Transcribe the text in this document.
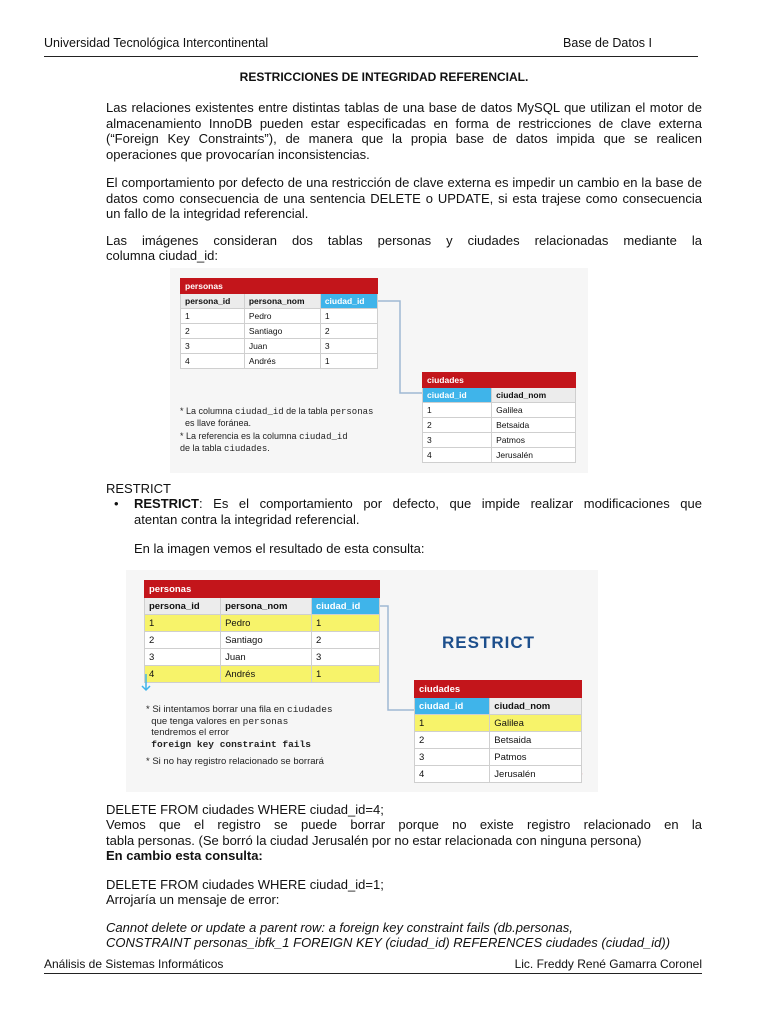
Universidad Tecnológica Intercontinental	Base de Datos I
RESTRICCIONES DE INTEGRIDAD REFERENCIAL.
Las relaciones existentes entre distintas tablas de una base de datos MySQL que utilizan el motor de almacenamiento InnoDB pueden estar especificadas en forma de restricciones de clave externa (“Foreign Key Constraints”), de manera que la propia base de datos impida que se realicen operaciones que provocarían inconsistencias.
El comportamiento por defecto de una restricción de clave externa es impedir un cambio en la base de datos como consecuencia de una sentencia DELETE o UPDATE, si esta trajese como consecuencia un fallo de la integridad referencial.
Las imágenes consideran dos tablas personas y ciudades relacionadas mediante la
columna ciudad_id:
personas		
persona_id	persona_nom	ciudad_id
1	Pedro	1
2	Santiago	2
3	Juan	3
4	Andrés	1
ciudades	
ciudad_id	ciudad_nom
1	Galilea
2	Betsaida
3	Patmos
4	Jerusalén
* La columna ciudad_id de la tabla personas
es llave foránea.
* La referencia es la columna ciudad_id
de la tabla ciudades.
RESTRICT
• RESTRICT: Es el comportamiento por defecto, que impide realizar modificaciones que
atentan contra la integridad referencial.
En la imagen vemos el resultado de esta consulta:
personas		
persona_id	persona_nom	ciudad_id
1	Pedro	1
2	Santiago	2
3	Juan	3
4	Andrés	1
RESTRICT
ciudades	
ciudad_id	ciudad_nom
1	Galilea
2	Betsaida
3	Patmos
4	Jerusalén
* Si intentamos borrar una fila en ciudades
que tenga valores en personas
tendremos el error
foreign key constraint fails

* Si no hay registro relacionado se borrará
DELETE FROM ciudades WHERE ciudad_id=4;
Vemos que el registro se puede borrar porque no existe registro relacionado en la
tabla personas. (Se borró la ciudad Jerusalén por no estar relacionada con ninguna persona)
En cambio esta consulta:
DELETE FROM ciudades WHERE ciudad_id=1;
Arrojaría un mensaje de error:
Cannot delete or update a parent row: a foreign key constraint fails (db.personas,
CONSTRAINT personas_ibfk_1 FOREIGN KEY (ciudad_id) REFERENCES ciudades (ciudad_id))
Análisis de Sistemas Informáticos	Lic. Freddy René Gamarra Coronel
